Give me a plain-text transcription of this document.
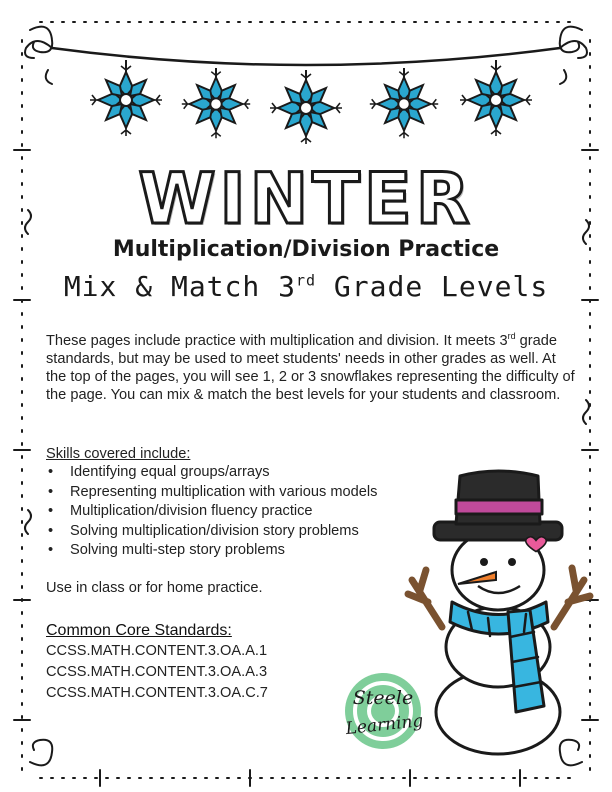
WINTER
Multiplication/Division Practice
Mix & Match 3rd Grade Levels
These pages include practice with multiplication and division. It meets 3rd grade standards, but may be used to meet students' needs in other grades as well. At the top of the pages, you will see 1, 2 or 3 snowflakes representing the difficulty of the page. You can mix & match the best levels for your students and classroom.
Skills covered include:
• Identifying equal groups/arrays
• Representing multiplication with various models
• Multiplication/division fluency practice
• Solving multiplication/division story problems
• Solving multi-step story problems
Use in class or for home practice.
Common Core Standards:
CCSS.MATH.CONTENT.3.OA.A.1
CCSS.MATH.CONTENT.3.OA.A.3
CCSS.MATH.CONTENT.3.OA.C.7	Steele
Learning
